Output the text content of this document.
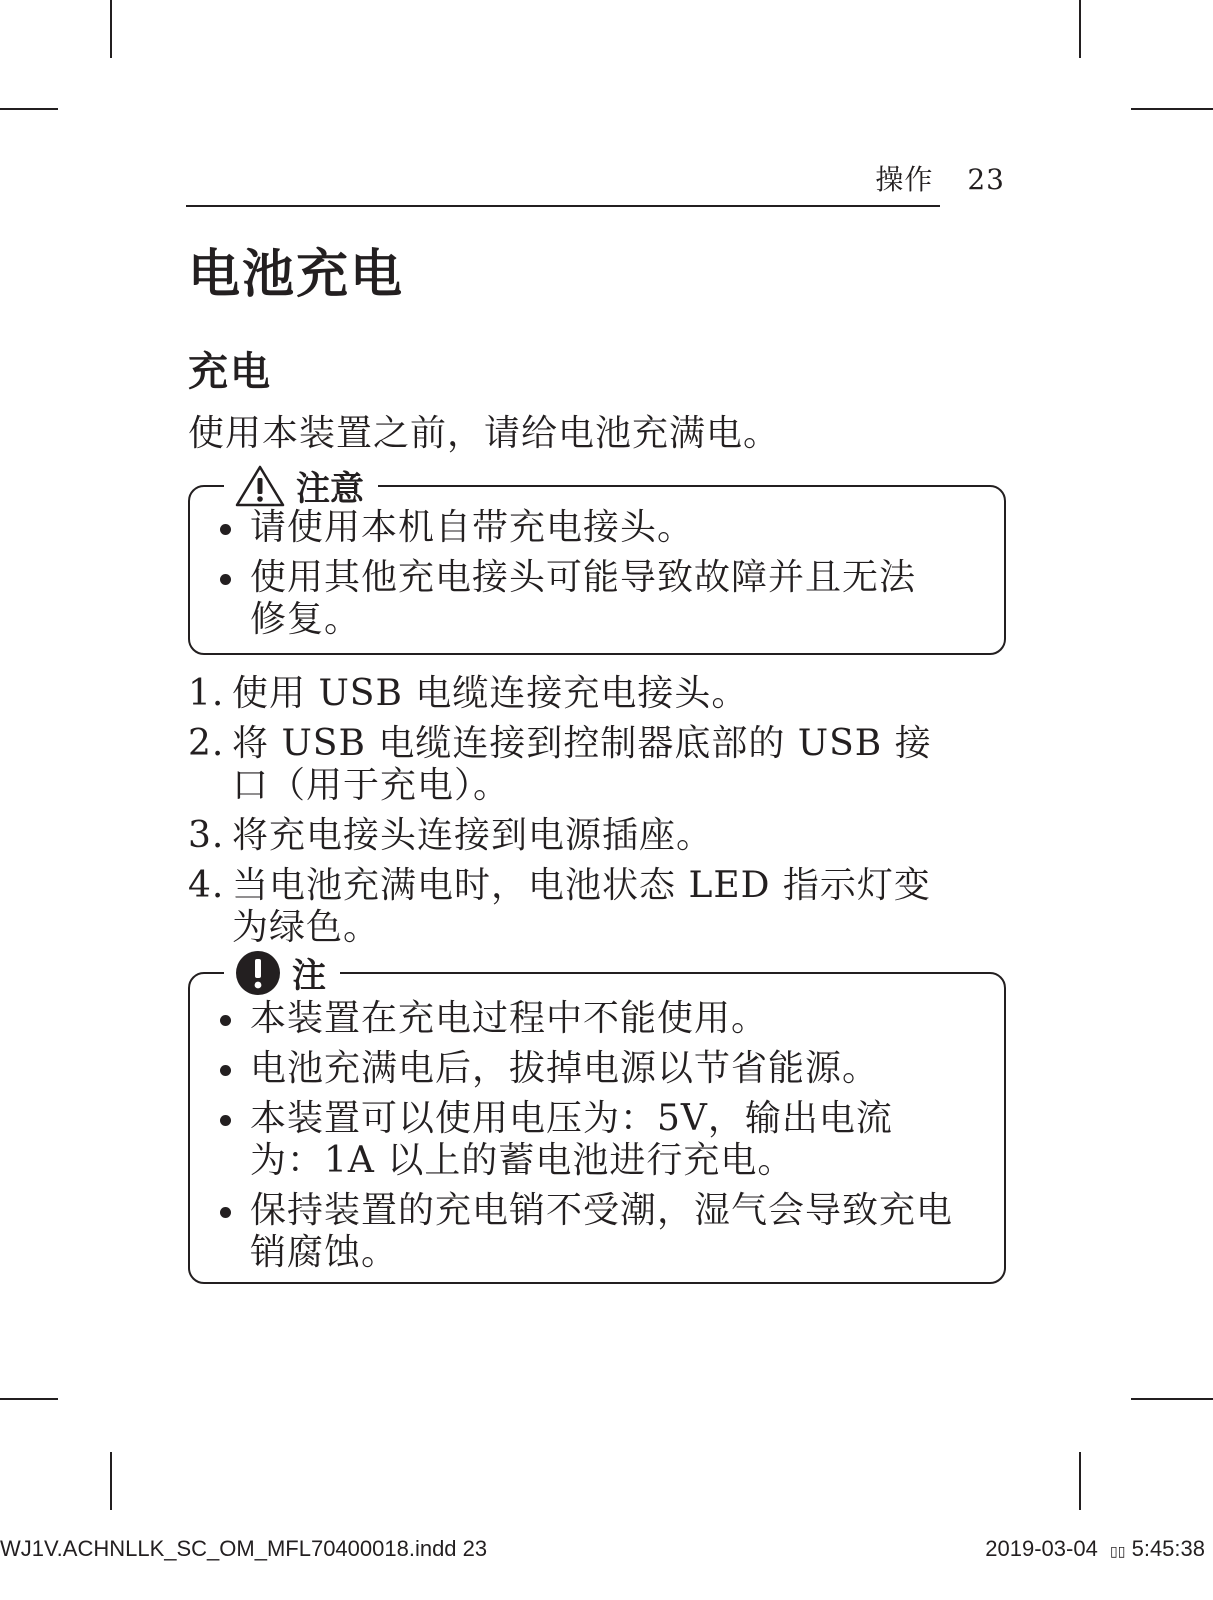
操作 23
电池充电
充电
使用本装置之前，请给电池充满电。
注意
请使用本机自带充电接头。
使用其他充电接头可能导致故障并且无法修复。
1. 使用 USB 电缆连接充电接头。
2. 将 USB 电缆连接到控制器底部的 USB 接口（用于充电）。
3. 将充电接头连接到电源插座。
4. 当电池充满电时，电池状态 LED 指示灯变为绿色。
注
本装置在充电过程中不能使用。
电池充满电后，拔掉电源以节省能源。
本装置可以使用电压为：5V，输出电流为：1A 以上的蓄电池进行充电。
保持装置的充电销不受潮，湿气会导致充电销腐蚀。
WJ1V.ACHNLLK_SC_OM_MFL70400018.indd 23	2019-03-04 ▯▯ 5:45:38
